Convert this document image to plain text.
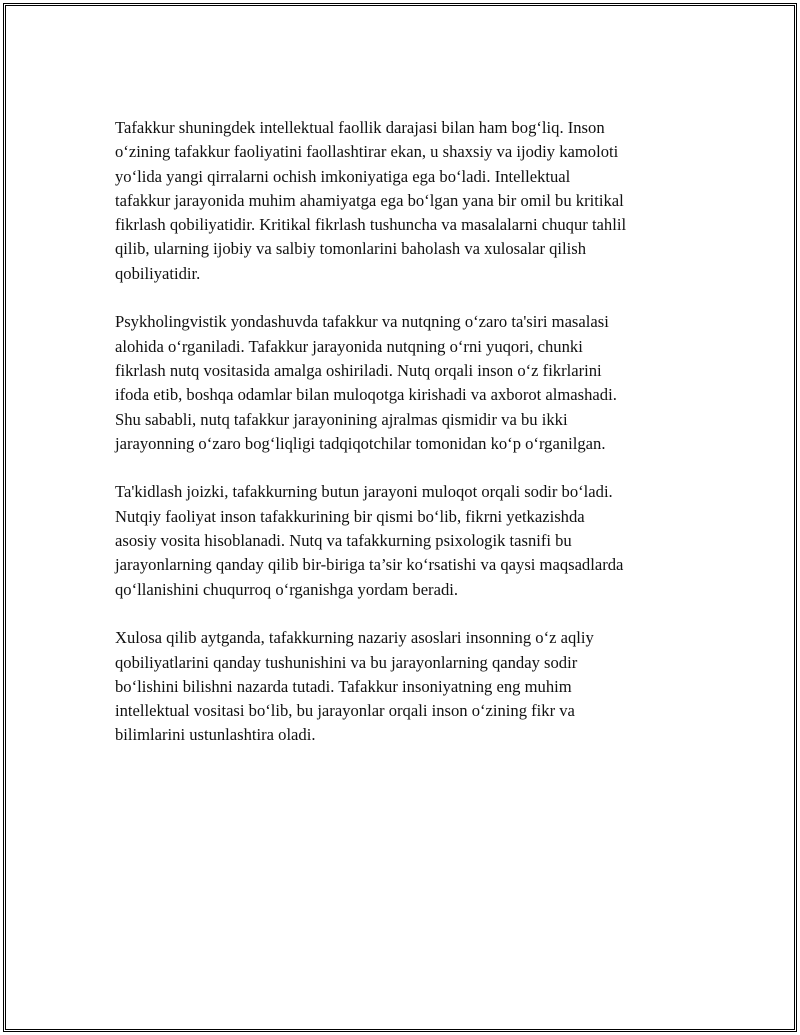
Tafakkur shuningdek intellektual faollik darajasi bilan ham bog‘liq. Inson
o‘zining tafakkur faoliyatini faollashtirar ekan, u shaxsiy va ijodiy kamoloti
yo‘lida yangi qirralarni ochish imkoniyatiga ega bo‘ladi. Intellektual
tafakkur jarayonida muhim ahamiyatga ega bo‘lgan yana bir omil bu kritikal
fikrlash qobiliyatidir. Kritikal fikrlash tushuncha va masalalarni chuqur tahlil
qilib, ularning ijobiy va salbiy tomonlarini baholash va xulosalar qilish
qobiliyatidir.

Psykholingvistik yondashuvda tafakkur va nutqning o‘zaro ta'siri masalasi
alohida o‘rganiladi. Tafakkur jarayonida nutqning o‘rni yuqori, chunki
fikrlash nutq vositasida amalga oshiriladi. Nutq orqali inson o‘z fikrlarini
ifoda etib, boshqa odamlar bilan muloqotga kirishadi va axborot almashadi.
Shu sababli, nutq tafakkur jarayonining ajralmas qismidir va bu ikki
jarayonning o‘zaro bog‘liqligi tadqiqotchilar tomonidan ko‘p o‘rganilgan.

Ta'kidlash joizki, tafakkurning butun jarayoni muloqot orqali sodir bo‘ladi.
Nutqiy faoliyat inson tafakkurining bir qismi bo‘lib, fikrni yetkazishda
asosiy vosita hisoblanadi. Nutq va tafakkurning psixologik tasnifi bu
jarayonlarning qanday qilib bir-biriga ta’sir ko‘rsatishi va qaysi maqsadlarda
qo‘llanishini chuqurroq o‘rganishga yordam beradi.

Xulosa qilib aytganda, tafakkurning nazariy asoslari insonning o‘z aqliy
qobiliyatlarini qanday tushunishini va bu jarayonlarning qanday sodir
bo‘lishini bilishni nazarda tutadi. Tafakkur insoniyatning eng muhim
intellektual vositasi bo‘lib, bu jarayonlar orqali inson o‘zining fikr va
bilimlarini ustunlashtira oladi.
